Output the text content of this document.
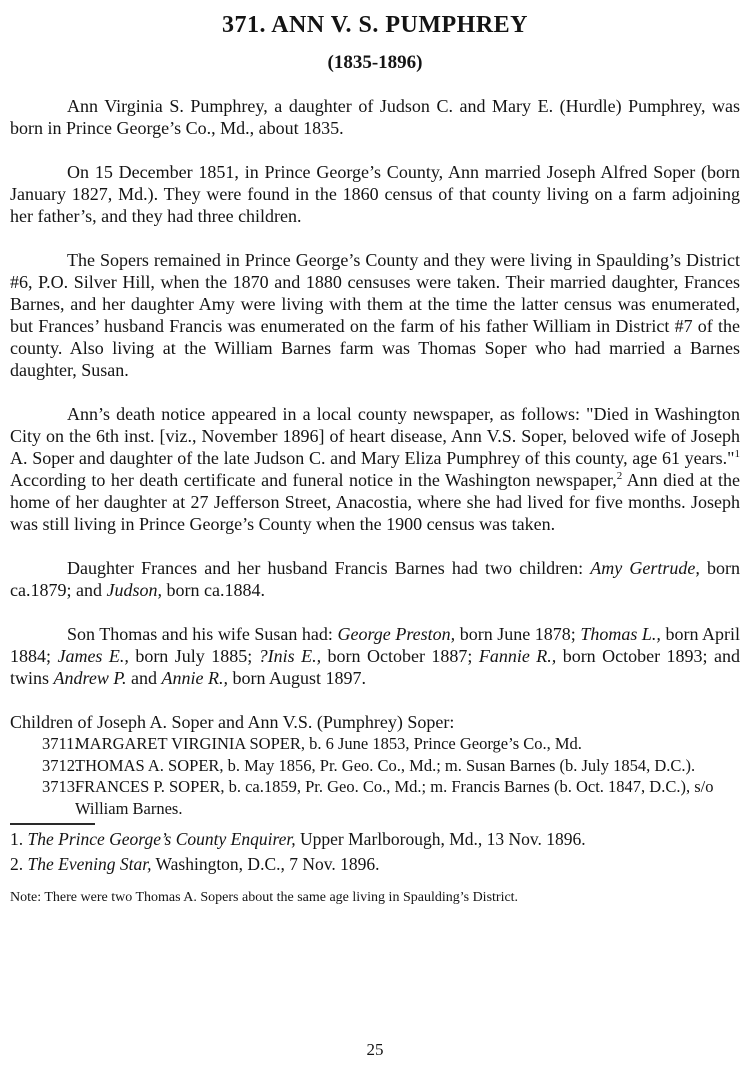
371. ANN V. S. PUMPHREY
(1835-1896)

Ann Virginia S. Pumphrey, a daughter of Judson C. and Mary E. (Hurdle) Pumphrey, was born in Prince George’s Co., Md., about 1835.

On 15 December 1851, in Prince George’s County, Ann married Joseph Alfred Soper (born January 1827, Md.). They were found in the 1860 census of that county living on a farm adjoining her father’s, and they had three children.

The Sopers remained in Prince George’s County and they were living in Spaulding’s District #6, P.O. Silver Hill, when the 1870 and 1880 censuses were taken. Their married daughter, Frances Barnes, and her daughter Amy were living with them at the time the latter census was enumerated, but Frances’ husband Francis was enumerated on the farm of his father William in District #7 of the county. Also living at the William Barnes farm was Thomas Soper who had married a Barnes daughter, Susan.

Ann’s death notice appeared in a local county newspaper, as follows: "Died in Washington City on the 6th inst. [viz., November 1896] of heart disease, Ann V.S. Soper, beloved wife of Joseph A. Soper and daughter of the late Judson C. and Mary Eliza Pumphrey of this county, age 61 years."$^1$ According to her death certificate and funeral notice in the Washington newspaper,$^2$ Ann died at the home of her daughter at 27 Jefferson Street, Anacostia, where she had lived for five months. Joseph was still living in Prince George’s County when the 1900 census was taken.

Daughter Frances and her husband Francis Barnes had two children: Amy Gertrude, born ca.1879; and Judson, born ca.1884.

Son Thomas and his wife Susan had: George Preston, born June 1878; Thomas L., born April 1884; James E., born July 1885; ?Inis E., born October 1887; Fannie R., born October 1893; and twins Andrew P. and Annie R., born August 1897.

Children of Joseph A. Soper and Ann V.S. (Pumphrey) Soper:
3711.
MARGARET VIRGINIA SOPER, b. 6 June 1853, Prince George’s Co., Md.
3712.
THOMAS A. SOPER, b. May 1856, Pr. Geo. Co., Md.; m. Susan Barnes (b. July 1854, D.C.).
3713.
FRANCES P. SOPER, b. ca.1859, Pr. Geo. Co., Md.; m. Francis Barnes (b. Oct. 1847, D.C.), s/o William Barnes.

1. The Prince George’s County Enquirer, Upper Marlborough, Md., 13 Nov. 1896.

2. The Evening Star, Washington, D.C., 7 Nov. 1896.

Note: There were two Thomas A. Sopers about the same age living in Spaulding’s District.

25
